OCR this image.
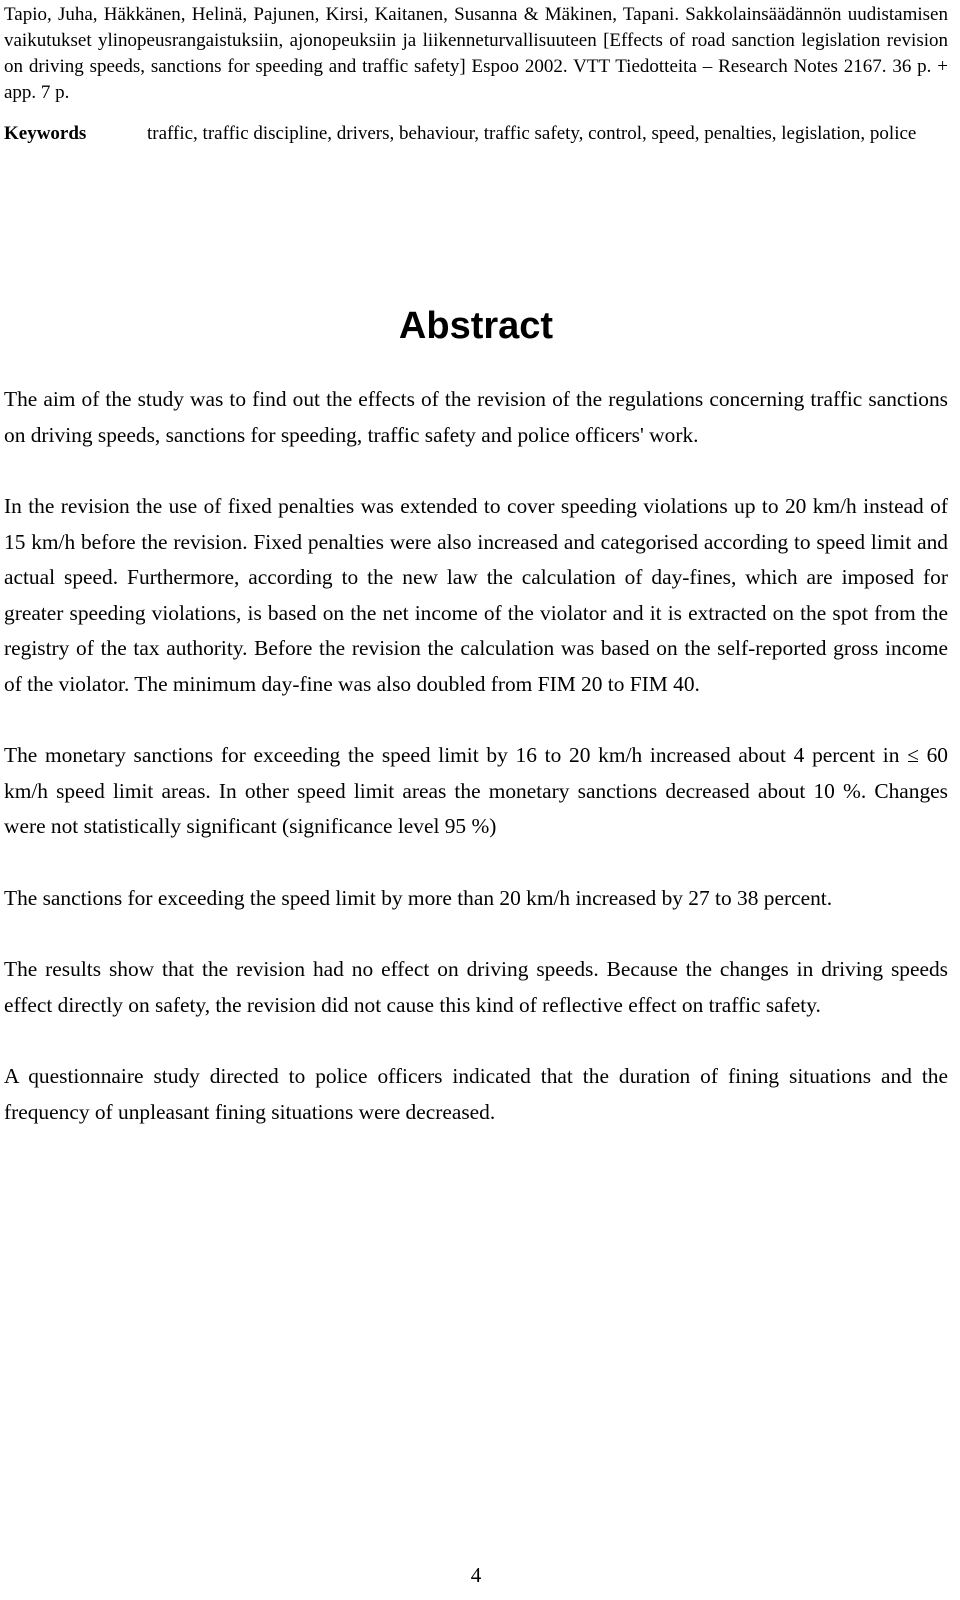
Tapio, Juha, Häkkänen, Helinä, Pajunen, Kirsi, Kaitanen, Susanna & Mäkinen, Tapani. Sakkolainsäädännön uudistamisen vaikutukset ylinopeusrangaistuksiin, ajonopeuksiin ja liikenneturvallisuuteen [Effects of road sanction legislation revision on driving speeds, sanctions for speeding and traffic safety] Espoo 2002. VTT Tiedotteita – Research Notes 2167. 36 p. + app. 7 p.
Keywords	traffic, traffic discipline, drivers, behaviour, traffic safety, control, speed, penalties, legislation, police
Abstract

The aim of the study was to find out the effects of the revision of the regulations concerning traffic sanctions on driving speeds, sanctions for speeding, traffic safety and police officers' work.

In the revision the use of fixed penalties was extended to cover speeding violations up to 20 km/h instead of 15 km/h before the revision. Fixed penalties were also increased and categorised according to speed limit and actual speed. Furthermore, according to the new law the calculation of day-fines, which are imposed for greater speeding violations, is based on the net income of the violator and it is extracted on the spot from the registry of the tax authority. Before the revision the calculation was based on the self-reported gross income of the violator. The minimum day-fine was also doubled from FIM 20 to FIM 40.

The monetary sanctions for exceeding the speed limit by 16 to 20 km/h increased about 4 percent in ≤ 60 km/h speed limit areas. In other speed limit areas the monetary sanctions decreased about 10 %. Changes were not statistically significant (significance level 95 %)

The sanctions for exceeding the speed limit by more than 20 km/h increased by 27 to 38 percent.

The results show that the revision had no effect on driving speeds. Because the changes in driving speeds effect directly on safety, the revision did not cause this kind of reflective effect on traffic safety.

A questionnaire study directed to police officers indicated that the duration of fining situations and the frequency of unpleasant fining situations were decreased.

4
